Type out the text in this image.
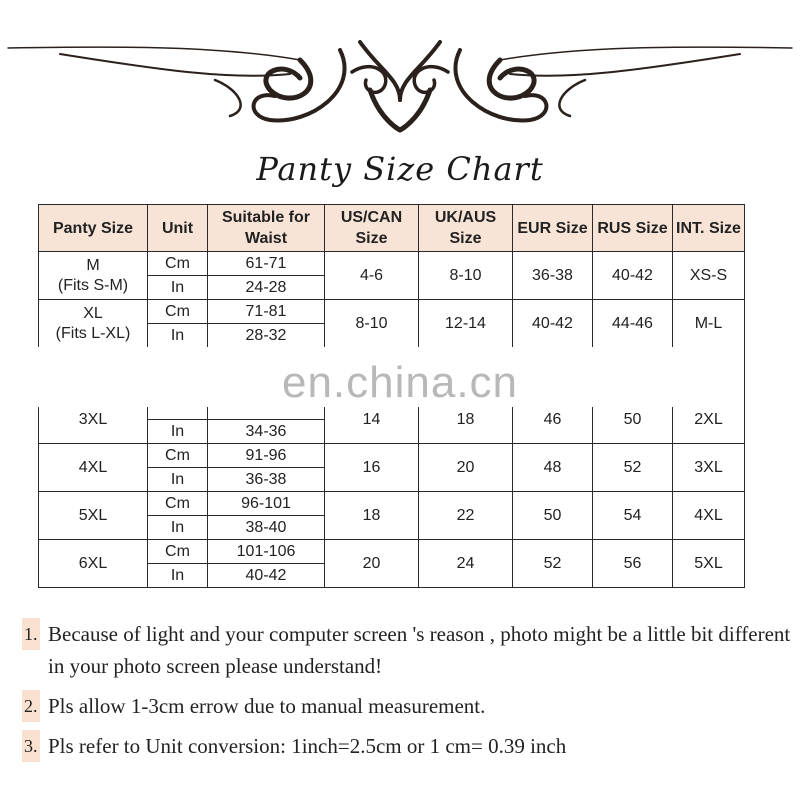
Panty Size Chart
Panty Size	Unit	Suitable for Waist	US/CAN Size	UK/AUS Size	EUR Size	RUS Size	INT. Size

M
(Fits S-M)	Cm	61-71	4-6	8-10	36-38	40-42	XS-S
	In	24-28					

XL
(Fits L-XL)	Cm	71-81	8-10	12-14	40-42	44-46	M-L
	In	28-32					

3XL			14	18	46	50	2XL
	In	34-36					
4XL	Cm	91-96	16	20	48	52	3XL
	In	36-38					
5XL	Cm	96-101	18	22	50	54	4XL
	In	38-40					
6XL	Cm	101-106	20	24	52	56	5XL
	In	40-42					
en.china.cn
1. Because of light and your computer screen 's reason , photo might be a little bit different in your photo screen please understand!
2. Pls allow 1-3cm errow due to manual measurement.
3. Pls refer to Unit conversion: 1inch=2.5cm or 1 cm= 0.39 inch
